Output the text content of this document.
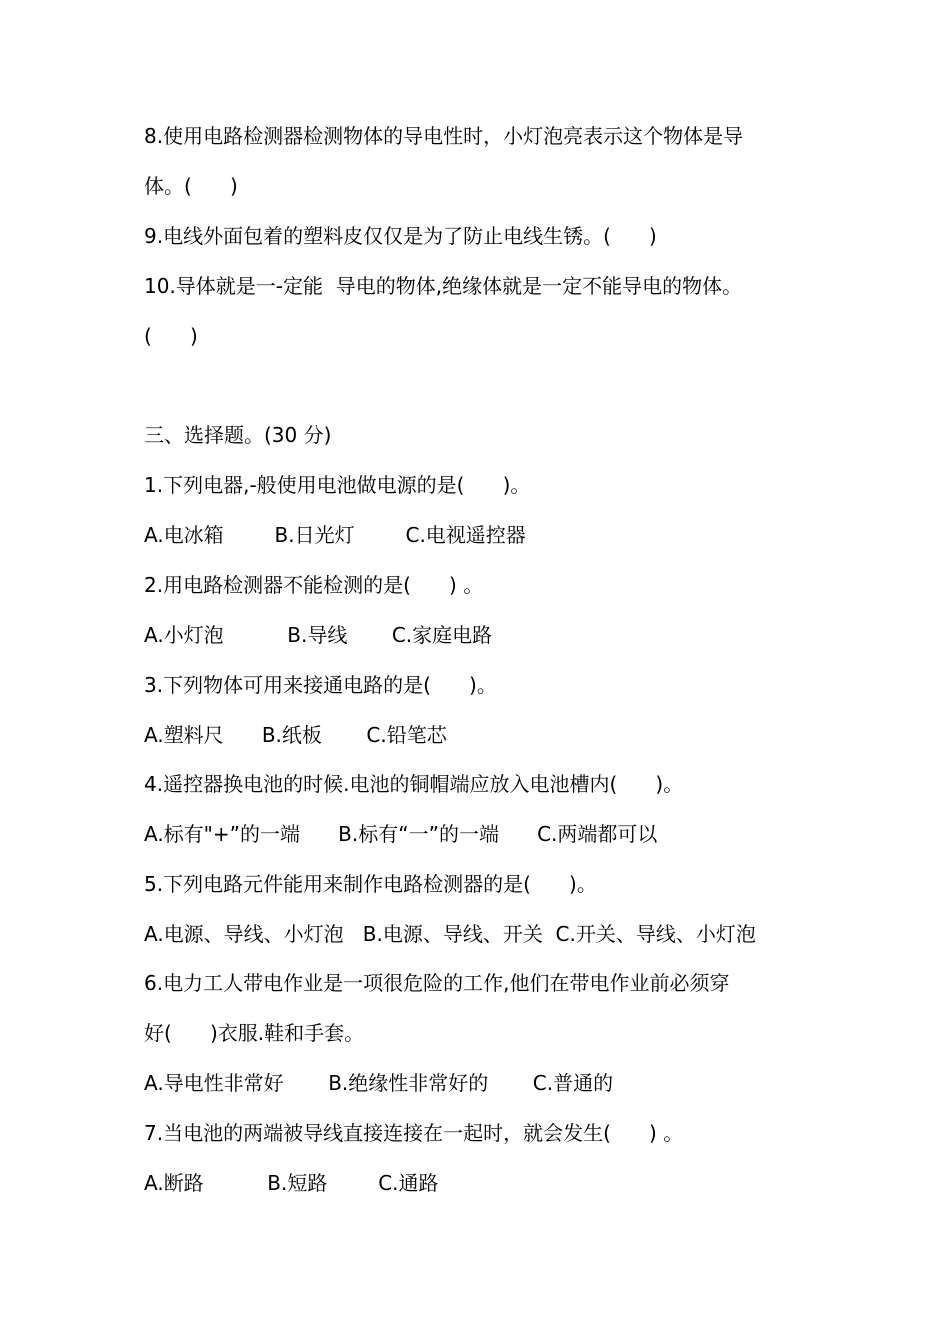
8.使用电路检测器检测物体的导电性时，小灯泡亮表示这个物体是导
体。(      )
9.电线外面包着的塑料皮仅仅是为了防止电线生锈。(      )
10.导体就是一-定能  导电的物体,绝缘体就是一定不能导电的物体。
(      )
三、选择题。(30 分)
1.下列电器,-般使用电池做电源的是(      )。
A.电冰箱        B.日光灯        C.电视遥控器
2.用电路检测器不能检测的是(      ) 。
A.小灯泡          B.导线       C.家庭电路
3.下列物体可用来接通电路的是(      )。
A.塑料尺      B.纸板       C.铅笔芯
4.遥控器换电池的时候.电池的铜帽端应放入电池槽内(      )。
A.标有"+”的一端      B.标有“一”的一端      C.两端都可以
5.下列电路元件能用来制作电路检测器的是(      )。
A.电源、导线、小灯泡   B.电源、导线、开关  C.开关、导线、小灯泡
6.电力工人带电作业是一项很危险的工作,他们在带电作业前必须穿
好(      )衣服.鞋和手套。
A.导电性非常好       B.绝缘性非常好的       C.普通的
7.当电池的两端被导线直接连接在一起时，就会发生(      ) 。
A.断路          B.短路        C.通路
